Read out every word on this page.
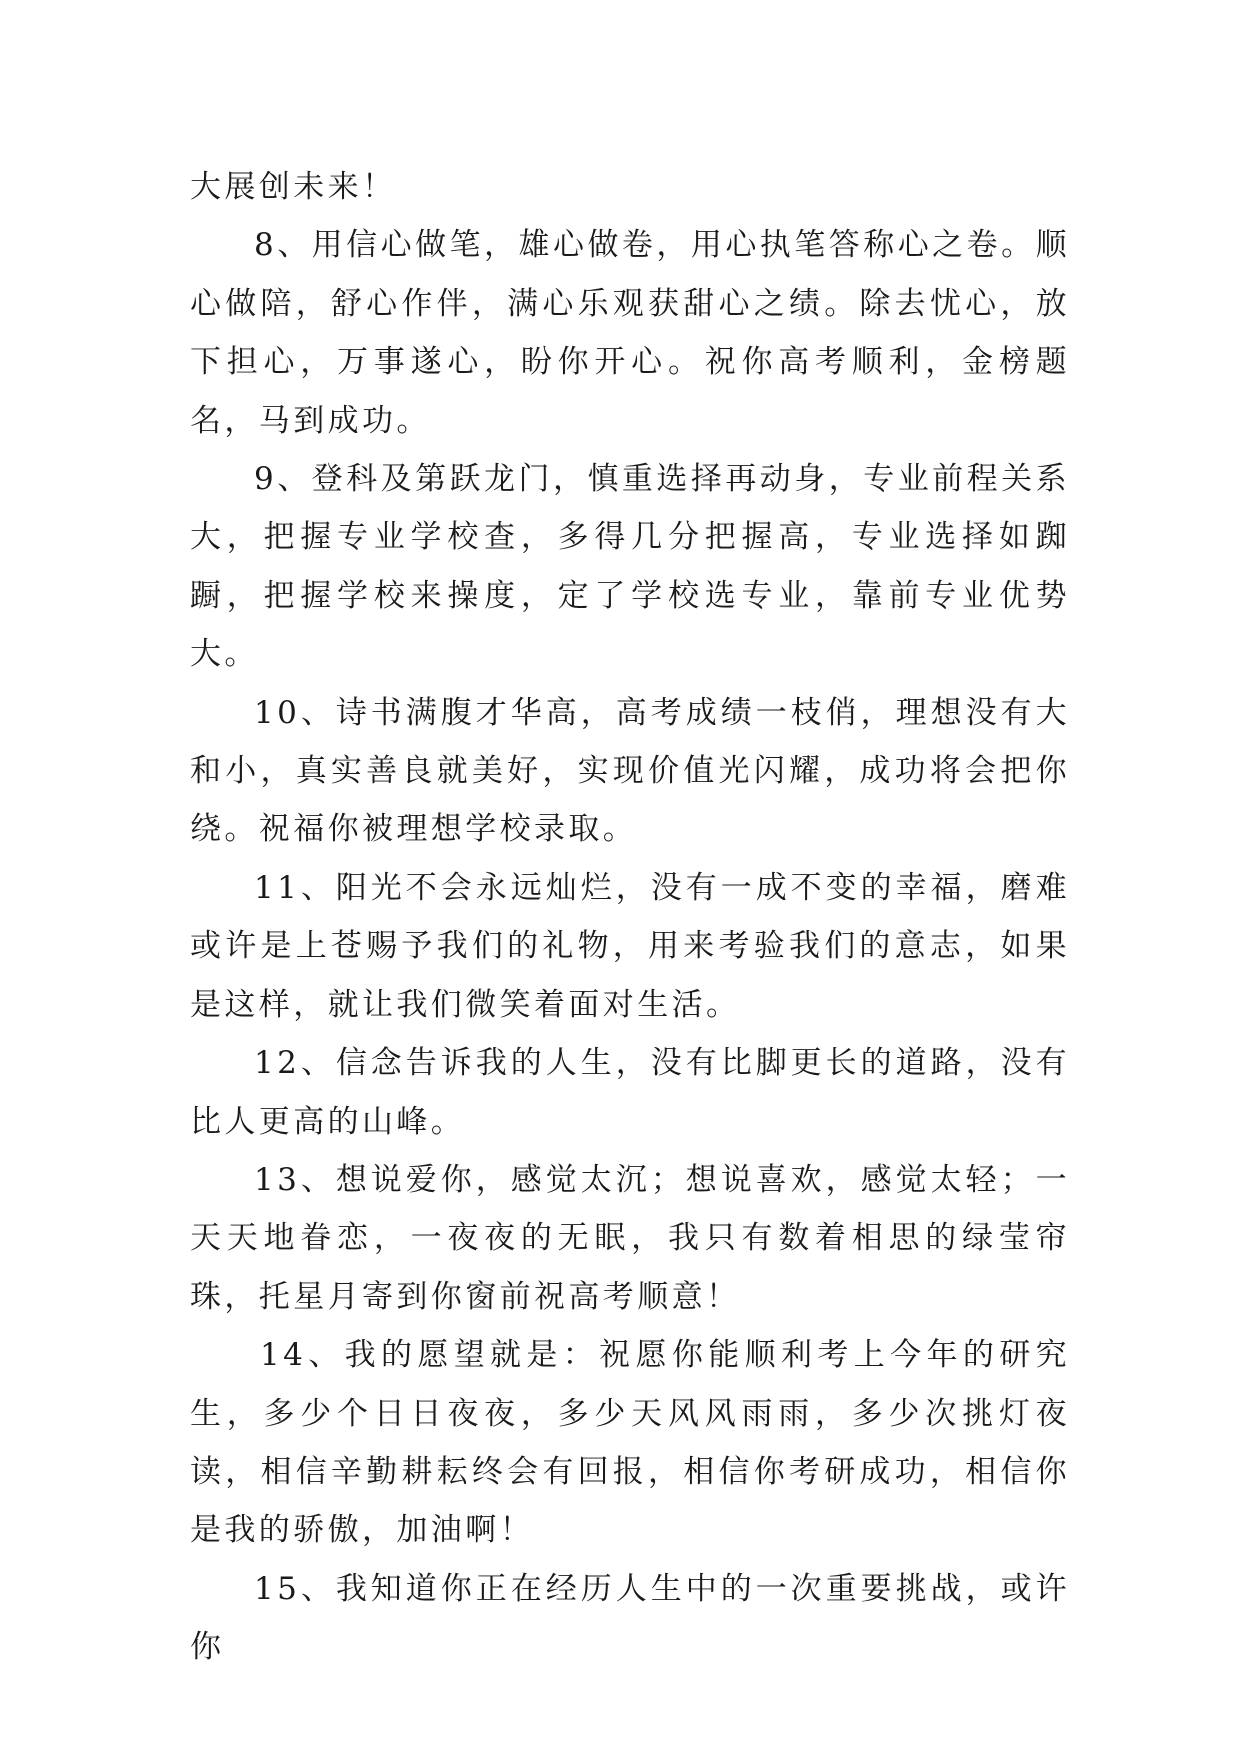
大展创未来！

8、用信心做笔，雄心做卷，用心执笔答称心之卷。顺心做陪，舒心作伴，满心乐观获甜心之绩。除去忧心，放下担心，万事遂心，盼你开心。祝你高考顺利，金榜题名，马到成功。

9、登科及第跃龙门，慎重选择再动身，专业前程关系大，把握专业学校查，多得几分把握高，专业选择如踟蹰，把握学校来操度，定了学校选专业，靠前专业优势大。

10、诗书满腹才华高，高考成绩一枝俏，理想没有大和小，真实善良就美好，实现价值光闪耀，成功将会把你绕。祝福你被理想学校录取。

11、阳光不会永远灿烂，没有一成不变的幸福，磨难或许是上苍赐予我们的礼物，用来考验我们的意志，如果是这样，就让我们微笑着面对生活。

12、信念告诉我的人生，没有比脚更长的道路，没有比人更高的山峰。

13、想说爱你，感觉太沉；想说喜欢，感觉太轻；一天天地眷恋，一夜夜的无眠，我只有数着相思的绿莹帘珠，托星月寄到你窗前祝高考顺意！

14、我的愿望就是：祝愿你能顺利考上今年的研究生，多少个日日夜夜，多少天风风雨雨，多少次挑灯夜读，相信辛勤耕耘终会有回报，相信你考研成功，相信你是我的骄傲，加油啊！

15、我知道你正在经历人生中的一次重要挑战，或许你
